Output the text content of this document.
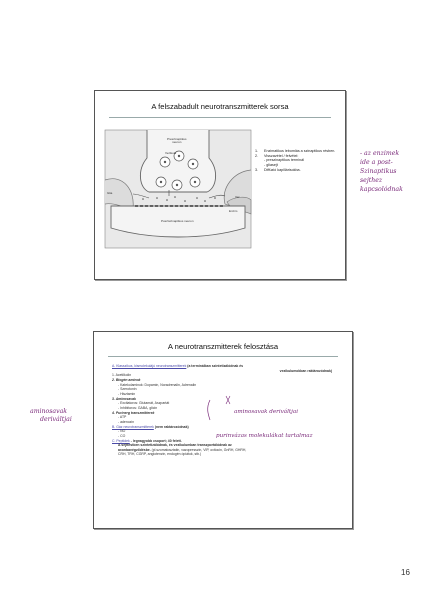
A felszabadult neurotranszmitterek sorsa
Preszinaptikus
neuron
Vezikula
Glia
Vér
Enzim
Posztszinaptikus neuron
1.	Enzimatikus lebomlás a szinaptikus résben.
2.	Visszavétel / felvétel:
- preszinaptikus terminál
- gliasejt
3.	Diffúzió kapillárisokba.
A neurotranszmitterek felosztása
A. Klasszikus, kismolekulájú neurotranszmitterek (a terminálban szintetizálódnak és
vezikulumokban raktározódnak)
1. Acetilkolin
2. Biogén aminok
- Katekolaminok: Dopamin, Noradrenalin, Adrenalin
- Szerotonin
- Hisztamin
3. Aminosavak
- Excitatoros: Glutamát, Aszpartát
- Inhibitoros: GABA, glicin
4. Purinerg transzmitterek
- ATP
- adenozin
B. Gáz neurotranszmitterek (nem raktározódnak)
- NO
- CO
C. Peptidek - legnagyobb csoport; 40 felett.
A sejttestben szintetizálódnak, és vezikulumban transzportálódnak az
axonbavégződésbe. (pl.szomatosztatin, vazopresszin, VIP, oxitocin, GnRH, GHRH,
CRH, TRH, CGRP, angiotenzin, endogén ópiátok, stb.)
- az enzimek
ide a post-
Szinaptikus
sejthez
kapcsolódnak
aminosavak
deriváltjai
aminosavak deriváltjai
purinvázas molekulákat tartalmaz
16
